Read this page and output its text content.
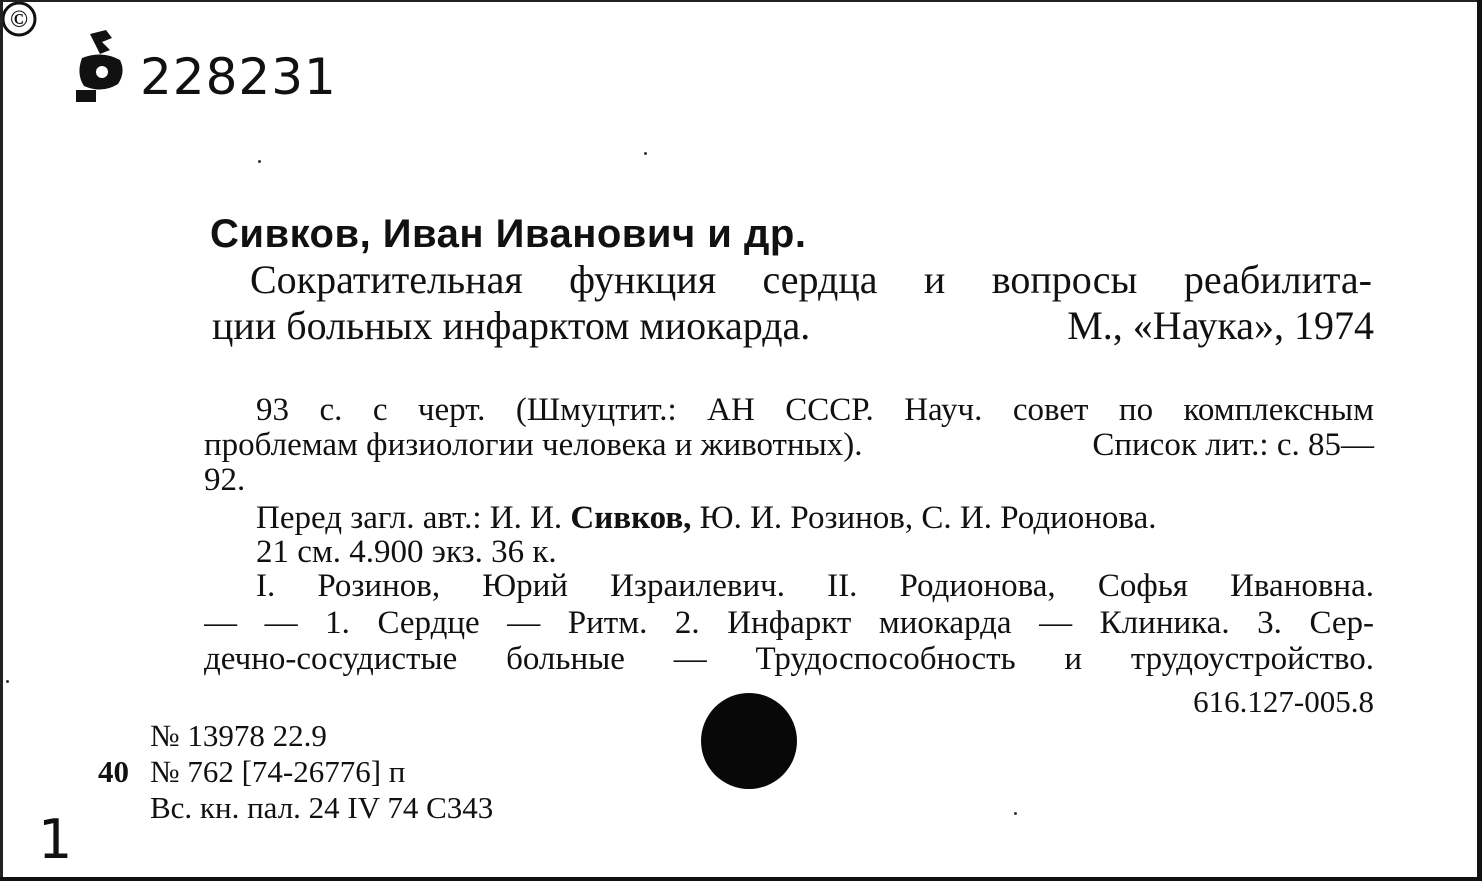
228231
Сивков, Иван Иванович и др.
Сократительная функция сердца и вопросы реабилита-
ции больных инфарктом миокарда.	М., «Наука», 1974
©
93 с. с черт. (Шмуцтит.: АН СССР. Науч. совет по комплексным
проблемам физиологии человека и животных).	Список лит.: с. 85—
92.
Перед загл. авт.: И. И. Сивков, Ю. И. Розинов, С. И. Родионова.
21 см. 4.900 экз. 36 к.
I. Розинов, Юрий Израилевич. II. Родионова, Софья Ивановна.
— — 1. Сердце — Ритм. 2. Инфаркт миокарда — Клиника. 3. Сер-
дечно-сосудистые больные — Трудоспособность и трудоустройство.
616.127-005.8
№ 13978 22.9
40 № 762 [74-26776] п
Вс. кн. пал. 24 IV 74 С343
1
